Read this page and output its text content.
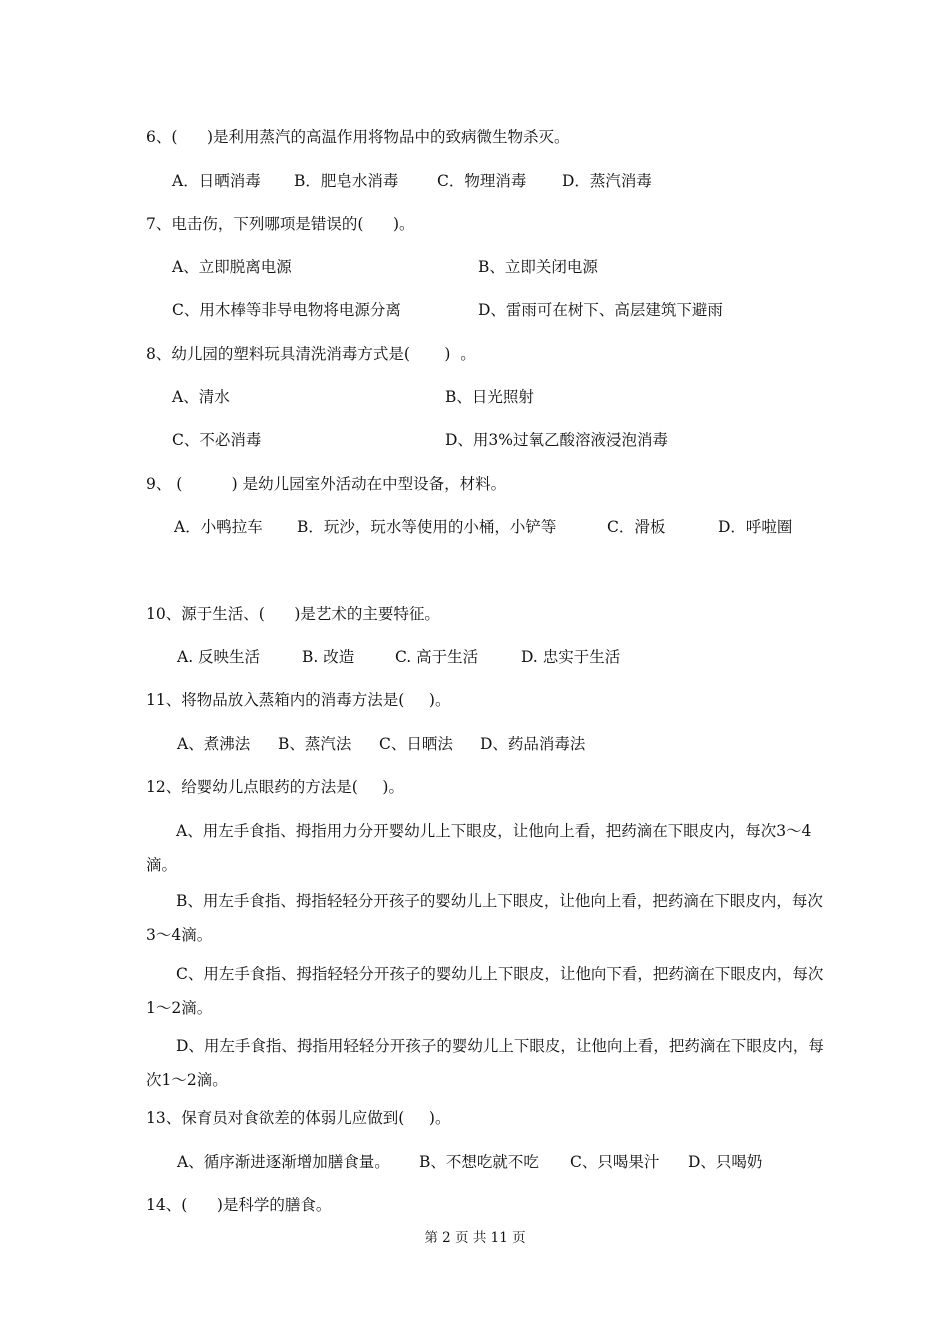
6、(      )是利用蒸汽的高温作用将物品中的致病微生物杀灭。
A．日晒消毒 B．肥皂水消毒 C．物理消毒 D．蒸汽消毒
7、电击伤，下列哪项是错误的(      )。
A、立即脱离电源	B、立即关闭电源
C、用木棒等非导电物将电源分离	D、雷雨可在树下、高层建筑下避雨
8、幼儿园的塑料玩具清洗消毒方式是(       )  。
A、清水	B、日光照射
C、不必消毒	D、用3%过氧乙酸溶液浸泡消毒
9、 (          ) 是幼儿园室外活动在中型设备，材料。
A．小鸭拉车 B．玩沙，玩水等使用的小桶，小铲等	C．滑板	D．呼啦圈
10、源于生活、(      )是艺术的主要特征。
A. 反映生活	B. 改造	C. 高于生活	D. 忠实于生活
11、将物品放入蒸箱内的消毒方法是(     )。
A、煮沸法 B、蒸汽法 C、日晒法 D、药品消毒法
12、给婴幼儿点眼药的方法是(     )。
A、用左手食指、拇指用力分开婴幼儿上下眼皮，让他向上看，把药滴在下眼皮内，每次3～4滴。
B、用左手食指、拇指轻轻分开孩子的婴幼儿上下眼皮，让他向上看，把药滴在下眼皮内，每次3～4滴。
C、用左手食指、拇指轻轻分开孩子的婴幼儿上下眼皮，让他向下看，把药滴在下眼皮内，每次1～2滴。
D、用左手食指、拇指用轻轻分开孩子的婴幼儿上下眼皮，让他向上看，把药滴在下眼皮内，每次1～2滴。
13、保育员对食欲差的体弱儿应做到(     )。
A、循序渐进逐渐增加膳食量。 B、不想吃就不吃 C、只喝果汁 D、只喝奶
14、(      )是科学的膳食。
第 2 页 共 11 页
